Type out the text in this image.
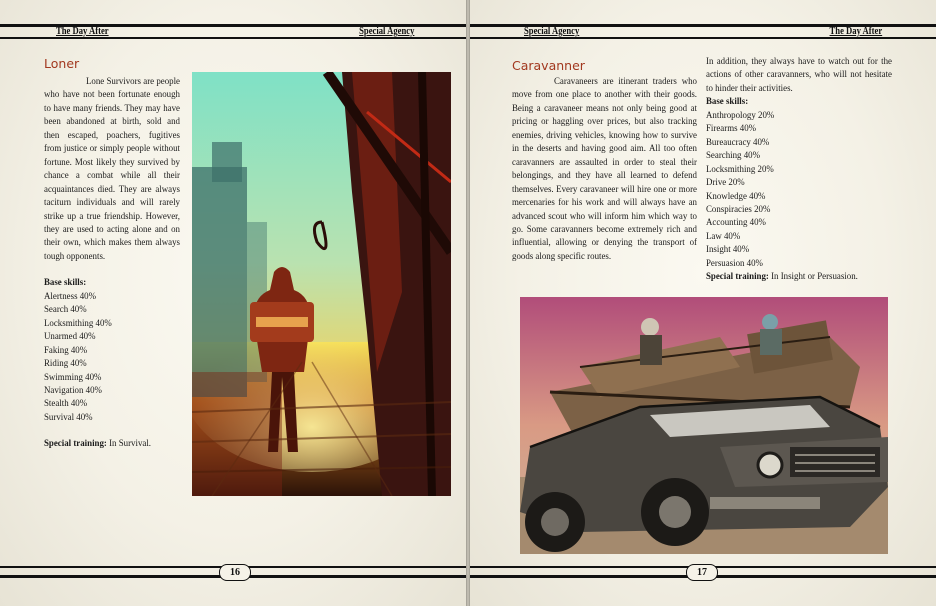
The Day After	Special Agency
Loner

Lone Survivors are people who have not been fortunate enough to have many friends. They may have been abandoned at birth, sold and then escaped, poachers, fugitives from justice or simply people without fortune. Most likely they survived by chance a combat while all their acquaintances died. They are always taciturn individuals and will rarely strike up a true friendship. However, they are used to acting alone and on their own, which makes them always tough opponents.

Base skills:

Alertness 40%
Search 40%
Locksmithing 40%
Unarmed 40%
Faking 40%
Riding 40%
Swimming 40%
Navigation 40%
Stealth 40%
Survival 40%

Special training: In Survival.

16
Special Agency	The Day After
Caravanner

Caravaneers are itinerant traders who move from one place to another with their goods. Being a caravaneer means not only being good at pricing or haggling over prices, but also tracking enemies, driving vehicles, knowing how to survive in the deserts and having good aim. All too often caravanners are assaulted in order to steal their belongings, and they have all learned to defend themselves. Every caravaneer will hire one or more mercenaries for his work and will always have an advanced scout who will inform him which way to go. Some caravanners become extremely rich and influential, allowing or denying the transport of goods along specific routes.

In addition, they always have to watch out for the actions of other caravanners, who will not hesitate to hinder their activities.

Base skills:

Anthropology 20%
Firearms 40%
Bureaucracy 40%
Searching 40%
Locksmithing 20%
Drive 20%
Knowledge 40%
Conspiracies 20%
Accounting 40%
Law 40%
Insight 40%
Persuasion 40%

Special training: In Insight or Persuasion.

17
